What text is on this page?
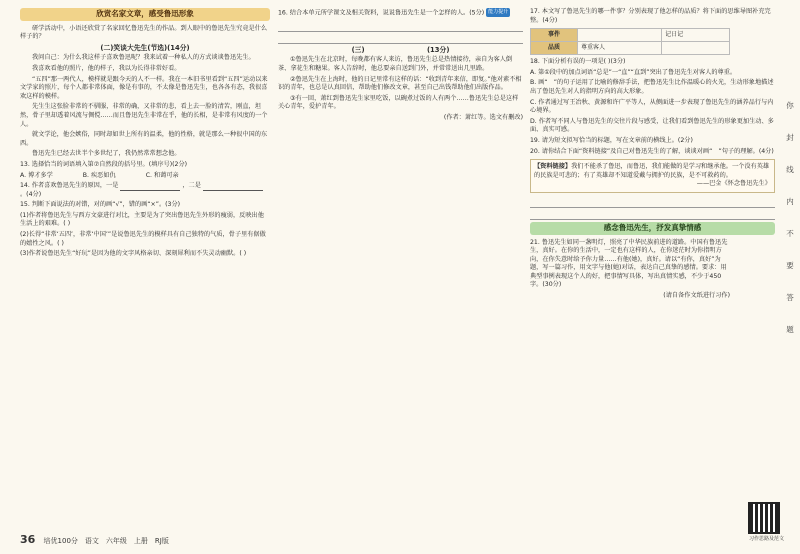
欣赏名家文章，感受鲁迅形象
研学活动中，小语还欣赏了名家回忆鲁迅先生的作品。到人眼中的鲁迅先生究竟是什么样子的？
(二)笑谈大先生(节选)(14分)
我问自己：为什么我这样子喜欢鲁迅呢？我来试着一种私人的方式谈谈鲁迅先生。
我喜欢看他的照片，他的样子，我以为长得非常好看。
“五四”那一两代人，模样就是跟今天的人不一样。我在一本旧书里看到“五四”运动以来文学家的照片，每个人都非常体面，像是有事的，不太像是鲁迅先生，也各各有态，我很喜欢这样的模样。
先生生这张脸非常的不驯服，非常的确，又非常的悲，看上去一脸的清苦，刚直，坦然，骨子里却透着风流与倜傥……而且鲁迅先生非常在乎，他的长相，是非常有风度的一个人。
就文学论，他会嫉俗，同时却如世上所有的温柔，他的性格，就是那么一种很中国的东西。
鲁迅先生已经去世半个多世纪了，我仍然常常想念他。
13. 选择恰当的词语填入第⑦自然段的括号里。(填序号)(2分)
A. 博才多学	B. 疾恶如仇	C. 和蔼可亲
14. 作者喜欢鲁迅先生的原因，一是	，二是  。(4分)
15. 判断下面说法的对错，对的画“√”，错的画“×”。(3分)
(1)作者将鲁迅先生与西方文豪进行对比，主要是为了突出鲁迅先生外形的瘦弱，反映出他生活上的艰难。( )
(2)长得“非常‘五四’，非常‘中国’”是说鲁迅先生的模样具有自己独特的气质，骨子里有倨傲的嬉性之风。( )
(3)作者说鲁迅先生“好玩”是因为他的文字风格亲切、深刻犀利而不失灵动幽默。( )
16. 结合本单元所学课文及相关资料，说说鲁迅先生是一个怎样的人。(5分) 能力提升
(三)	(13分)
①鲁迅先生在北京时，每晚都有客人来访，鲁迅先生总是热情接待，亲自为客人倒茶、拿花生和糖果。客人告辞时，他总要亲自送到门外，并常常送出几里路。
②鲁迅先生在上海时，他的日记里常有这样的话：“收到青年来信，即复。”他对素不相识的青年，也总是认真回信，帮助他们修改文章，甚至自己出钱帮助他们出版作品。
③有一回，萧红到鲁迅先生家里吃饭，以碗煮过饭的人有两个……鲁迅先生总是这样关心青年，爱护青年。
(作者：萧红等。选文有删改)
17. 本文写了鲁迅先生的哪一件事？分别表现了他怎样的品质？将下面的思维导图补充完整。(4分)
事件		记日记
品质	尊重客人	
18. 下面分析有误的一项是( )(3分)
A. 第①段中的加点词语“总是”一“直”“直到”突出了鲁迅先生对客人的尊重。
B. 画“　”的句子运用了比喻的修辞手法，把鲁迅先生比作温暖心的火光，生动形象地描述出了鲁迅先生对人的指明方向的高大形象。
C. 作者通过写王冶秋、黄源和许广平等人，从侧面进一步表现了鲁迅先生的涵养品行与内心境界。
D. 作者写不同人与鲁迅先生的交往片段与感受，让我们看到鲁迅先生的形象更加生动、多面、真实可感。
19. 请为短文拟写恰当的标题，写在文章前的横线上。(2分)
20. 请你结合下面“资料链接”及自己对鲁迅先生的了解，谈谈对画“　”句子的理解。(4分)
【资料链接】我们不能杀了鲁迅，而鲁迅，我们能做的是学习和继承他。一个没有英雄的民族是可悲的；有了英雄却不知道爱戴与拥护的民族，是不可救药的。
——巴金《怀念鲁迅先生》
感念鲁迅先生，抒发真挚情感
21. 鲁迅先生如同一盏明灯，照亮了中华民族前进的道路。中国有鲁迅先生，真好。在你的生活中，一定也有这样的人，在你迷茫时为你指明方向，在你失意时给予你力量……有他(她)，真好。请以“有你，真好”为题，写一篇习作，用文字与他(她)对话，表达自己真挚的感情。要求：用典型事例表现这个人的好，把事情写具体，写出真情实感，不少于450字。(30分)
(请自备作文纸进行习作)
习作思路及范文
你
封
线
内
不
要
答
题
36 培优100分　语文　六年级　上册　RJ版
